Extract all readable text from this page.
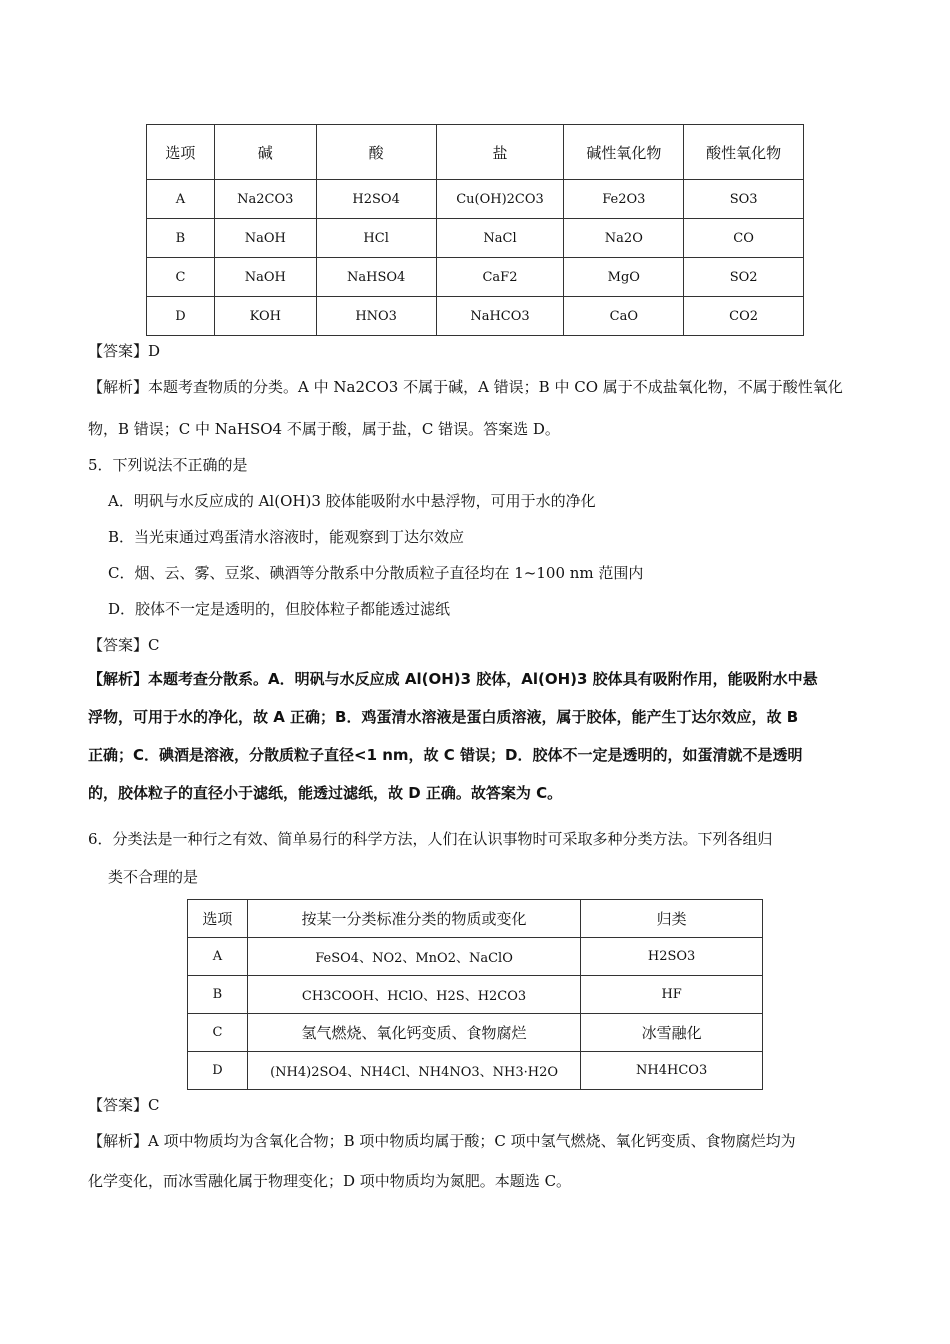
选项	碱	酸	盐	碱性氧化物	酸性氧化物
A	Na2CO3	H2SO4	Cu(OH)2CO3	Fe2O3	SO3
B	NaOH	HCl	NaCl	Na2O	CO
C	NaOH	NaHSO4	CaF2	MgO	SO2
D	KOH	HNO3	NaHCO3	CaO	CO2
【答案】D
【解析】本题考查物质的分类。A 中 Na2CO3 不属于碱，A 错误；B 中 CO 属于不成盐氧化物，不属于酸性氧化
物，B 错误；C 中 NaHSO4 不属于酸，属于盐，C 错误。答案选 D。
5．下列说法不正确的是
A．明矾与水反应成的 Al(OH)3 胶体能吸附水中悬浮物，可用于水的净化
B．当光束通过鸡蛋清水溶液时，能观察到丁达尔效应
C．烟、云、雾、豆浆、碘酒等分散系中分散质粒子直径均在 1~100 nm 范围内
D．胶体不一定是透明的，但胶体粒子都能透过滤纸
【答案】C
【解析】本题考查分散系。A．明矾与水反应成 Al(OH)3 胶体，Al(OH)3 胶体具有吸附作用，能吸附水中悬
浮物，可用于水的净化，故 A 正确；B．鸡蛋清水溶液是蛋白质溶液，属于胶体，能产生丁达尔效应，故 B
正确；C．碘酒是溶液，分散质粒子直径<1 nm，故 C 错误；D．胶体不一定是透明的，如蛋清就不是透明
的，胶体粒子的直径小于滤纸，能透过滤纸，故 D 正确。故答案为 C。
6．分类法是一种行之有效、简单易行的科学方法，人们在认识事物时可采取多种分类方法。下列各组归
类不合理的是
选项	按某一分类标准分类的物质或变化	归类
A	FeSO4、NO2、MnO2、NaClO	H2SO3
B	CH3COOH、HClO、H2S、H2CO3	HF
C	氢气燃烧、氧化钙变质、食物腐烂	冰雪融化
D	(NH4)2SO4、NH4Cl、NH4NO3、NH3·H2O	NH4HCO3
【答案】C
【解析】A 项中物质均为含氧化合物；B 项中物质均属于酸；C 项中氢气燃烧、氧化钙变质、食物腐烂均为
化学变化，而冰雪融化属于物理变化；D 项中物质均为氮肥。本题选 C。
